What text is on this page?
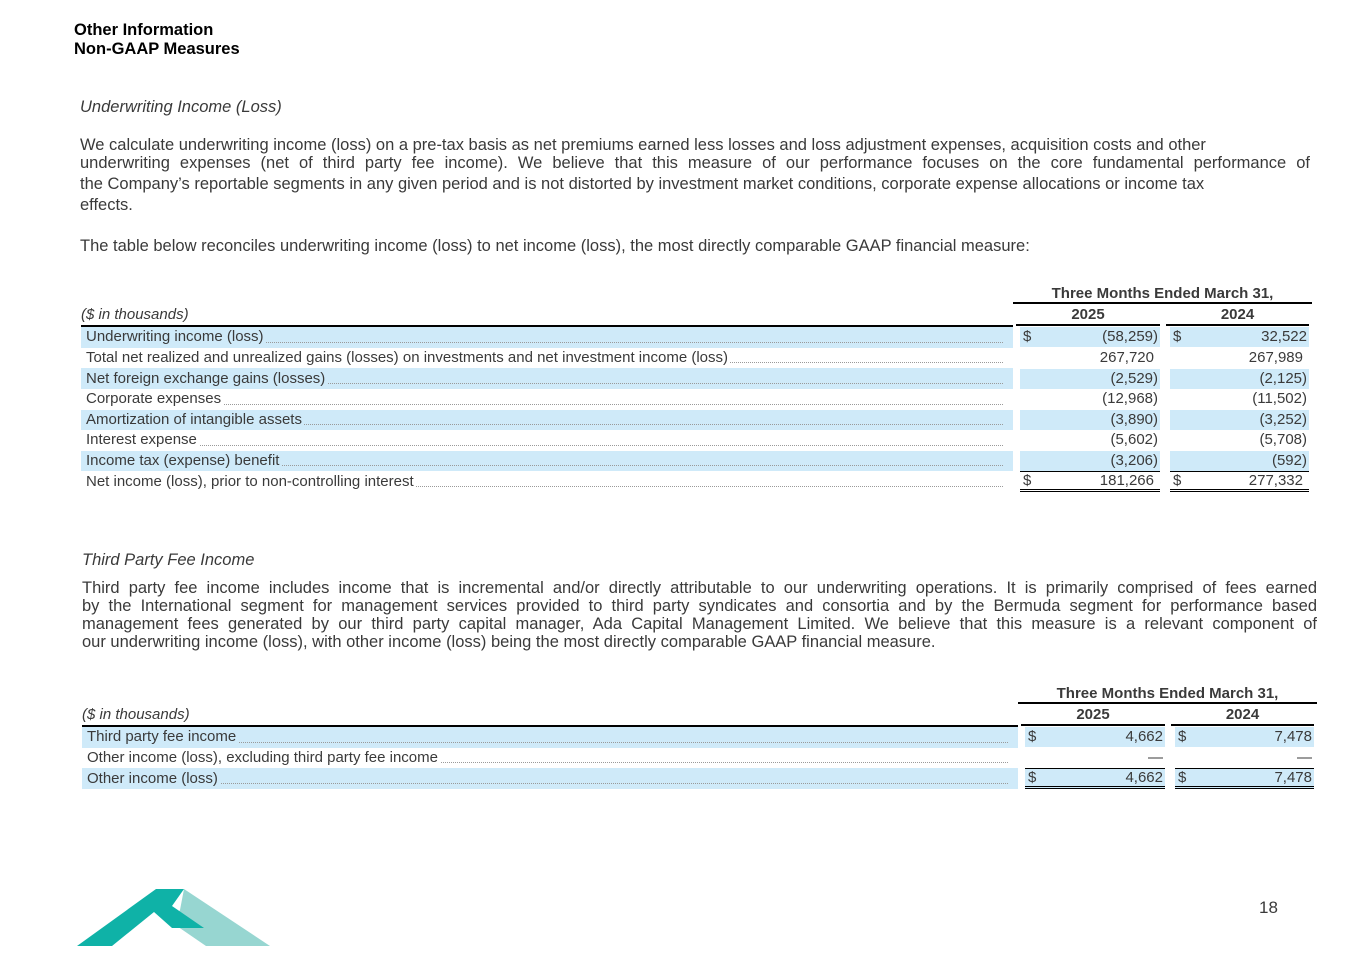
Other Information
Non-GAAP Measures
Underwriting Income (Loss)
We calculate underwriting income (loss) on a pre-tax basis as net premiums earned less losses and loss adjustment expenses, acquisition costs and other
underwriting expenses (net of third party fee income). We believe that this measure of our performance focuses on the core fundamental performance of
the Company’s reportable segments in any given period and is not distorted by investment market conditions, corporate expense allocations or income tax
effects.
The table below reconciles underwriting income (loss) to net income (loss), the most directly comparable GAAP financial measure:

	Three Months Ended March 31,	

($ in thousands)	2025	2024

Underwriting income (loss)	$ (58,259)	$ 32,522

Total net realized and unrealized gains (losses) on investments and net investment income (loss)	267,720	267,989

Net foreign exchange gains (losses)	(2,529)	(2,125)

Corporate expenses	(12,968)	(11,502)

Amortization of intangible assets	(3,890)	(3,252)

Interest expense	(5,602)	(5,708)

Income tax (expense) benefit	(3,206)	(592)

Net income (loss), prior to non-controlling interest	$ 181,266	$ 277,332
Third Party Fee Income
Third party fee income includes income that is incremental and/or directly attributable to our underwriting operations. It is primarily comprised of fees earned
by the International segment for management services provided to third party syndicates and consortia and by the Bermuda segment for performance based
management fees generated by our third party capital manager, Ada Capital Management Limited. We believe that this measure is a relevant component of
our underwriting income (loss), with other income (loss) being the most directly comparable GAAP financial measure.

	Three Months Ended March 31,	

($ in thousands)	2025	2024

Third party fee income	$ 4,662	$ 7,478

Other income (loss), excluding third party fee income	—	—

Other income (loss)	$ 4,662	$ 7,478
18
